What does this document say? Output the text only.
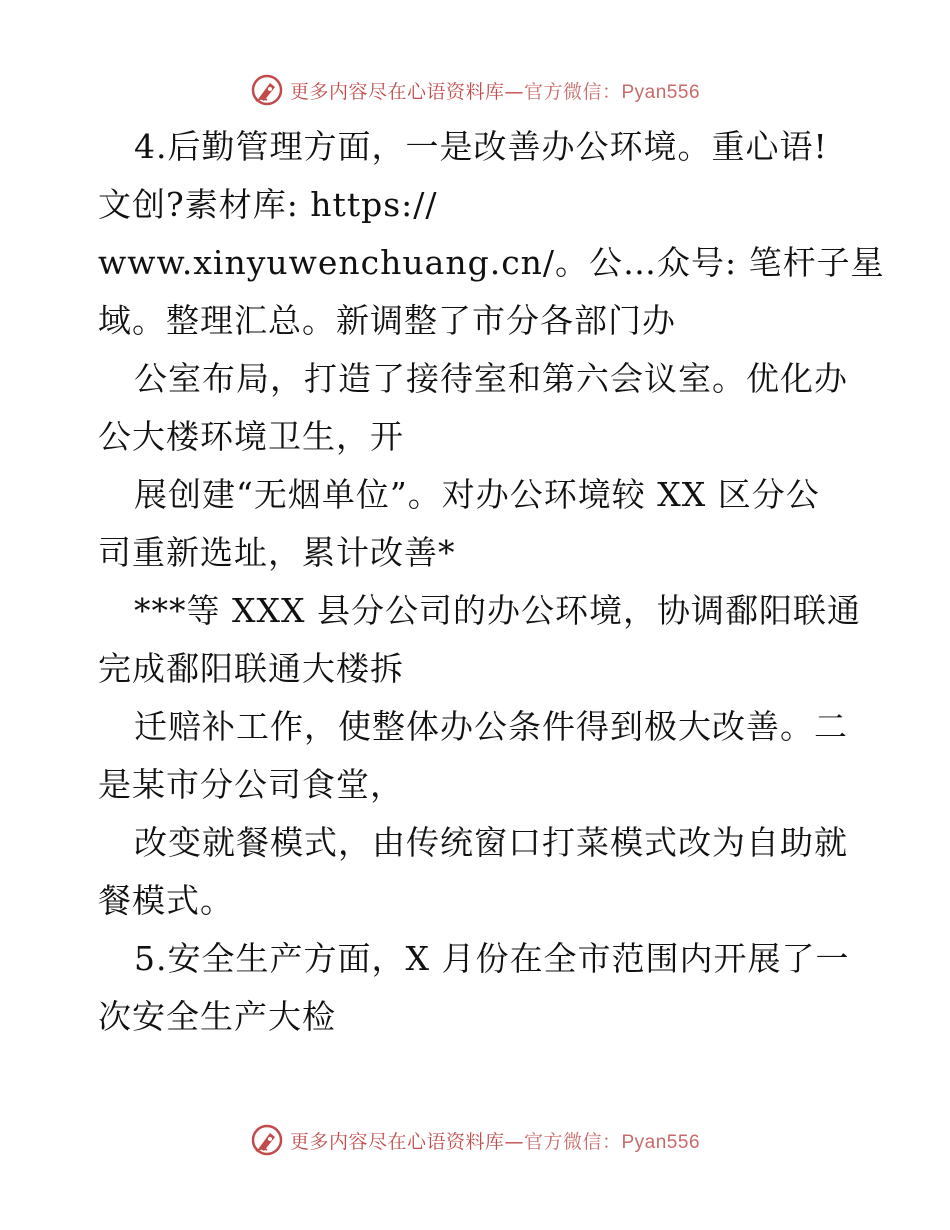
更多内容尽在心语资料库—官方微信：Pyan556
4.后勤管理方面，一是改善办公环境。重心语!
文创?素材库: https://
www.xinyuwenchuang.cn/。公…众号: 笔杆子星
域。整理汇总。新调整了市分各部门办
公室布局，打造了接待室和第六会议室。优化办
公大楼环境卫生，开
展创建“无烟单位”。对办公环境较 XX 区分公
司重新选址，累计改善*
***等 XXX 县分公司的办公环境，协调鄱阳联通
完成鄱阳联通大楼拆
迁赔补工作，使整体办公条件得到极大改善。二
是某市分公司食堂，
改变就餐模式，由传统窗口打菜模式改为自助就
餐模式。
5.安全生产方面，X 月份在全市范围内开展了一
次安全生产大检
更多内容尽在心语资料库—官方微信：Pyan556
